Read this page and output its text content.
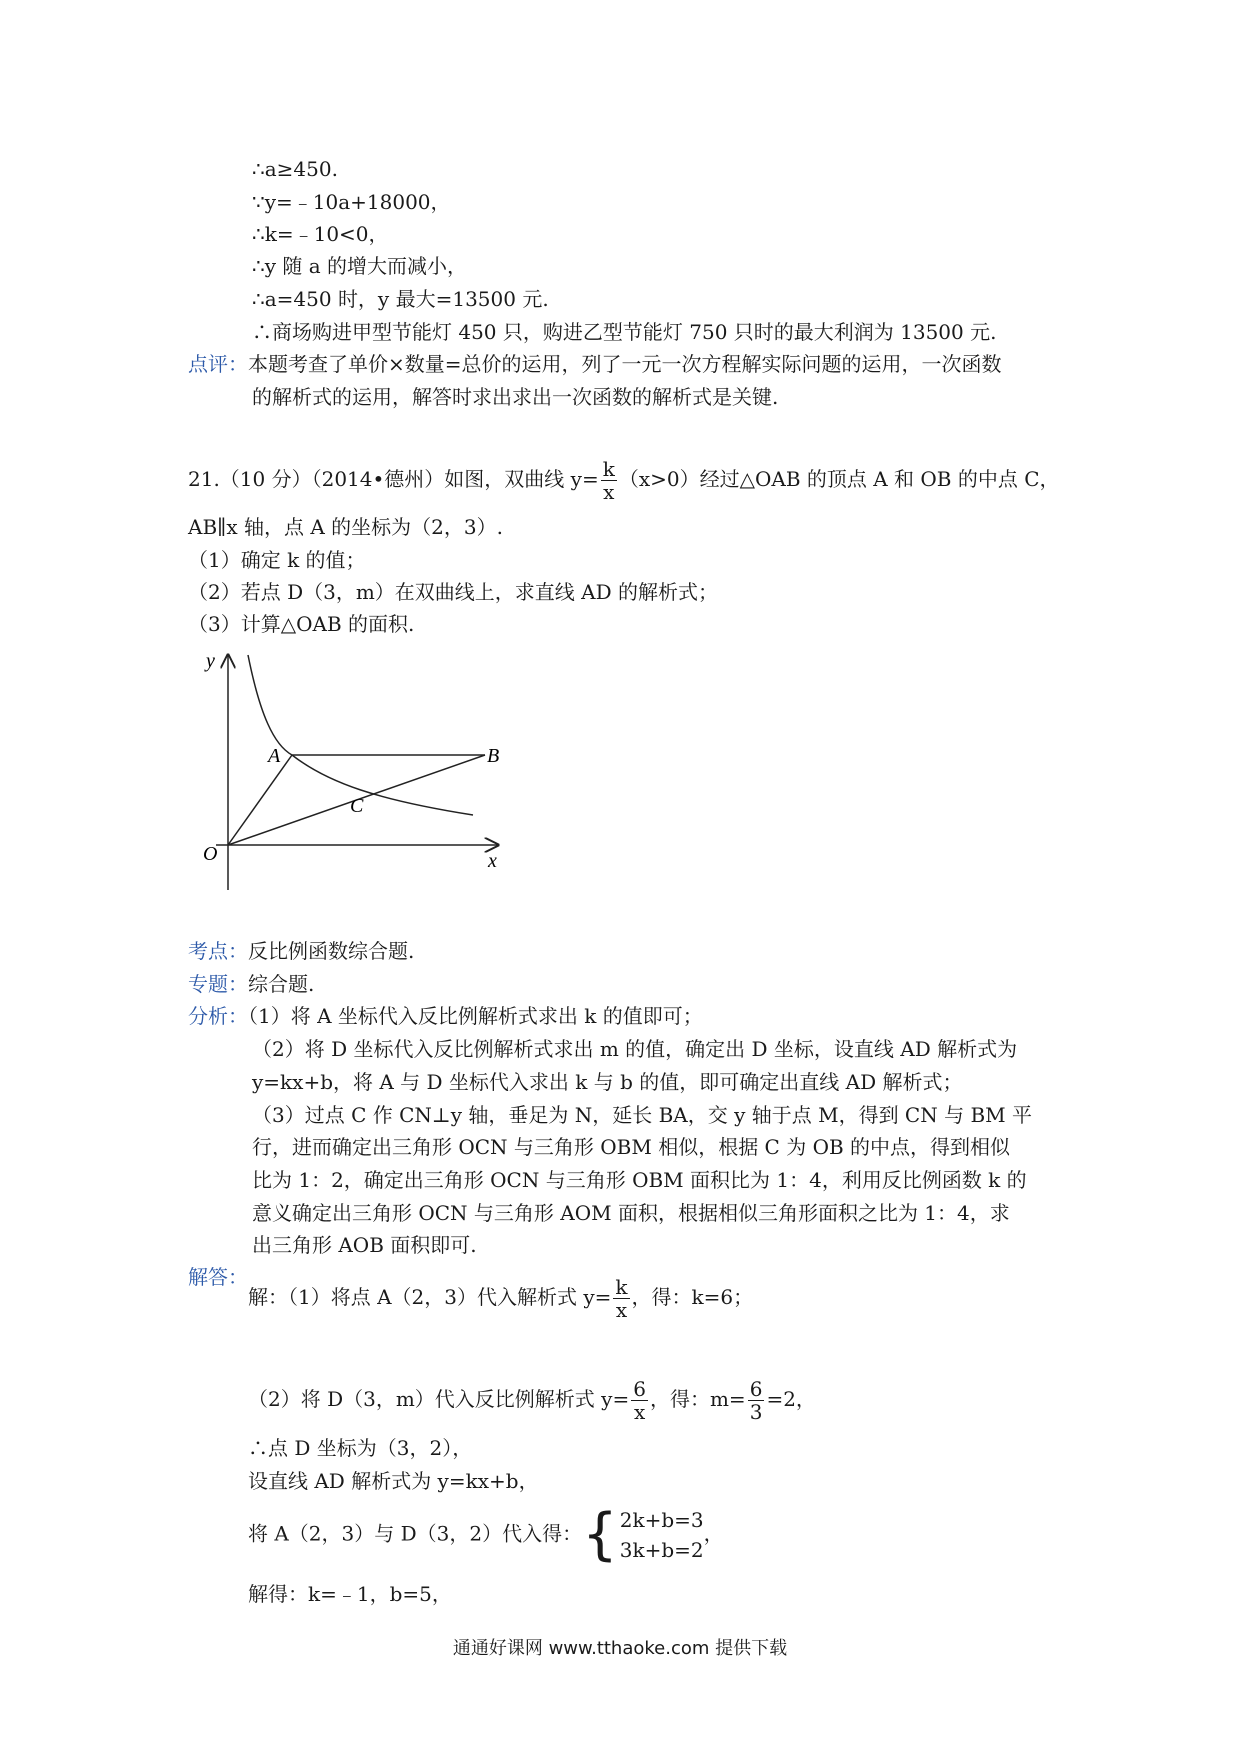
∴a≥450.
∵y=﹣10a+18000，
∴k=﹣10<0，
∴y 随 a 的增大而减小，
∴a=450 时，y 最大=13500 元.
∴商场购进甲型节能灯 450 只，购进乙型节能灯 750 只时的最大利润为 13500 元.
点评：本题考查了单价×数量=总价的运用，列了一元一次方程解实际问题的运用，一次函数
的解析式的运用，解答时求出求出一次函数的解析式是关键.
21.（10 分）（2014•德州）如图，双曲线 $y= \frac{k}{x} (x>0)$经过△OAB 的顶点 A 和 OB 的中点 C，
AB∥x 轴，点 A 的坐标为（2，3）.
（1）确定 k 的值；
（2）若点 D（3，m）在双曲线上，求直线 AD 的解析式；
（3）计算△OAB 的面积.
y
x
O
A	B
C
考点：反比例函数综合题.
专题：综合题.
分析：（1）将 A 坐标代入反比例解析式求出 k 的值即可；
（2）将 D 坐标代入反比例解析式求出 m 的值，确定出 D 坐标，设直线 AD 解析式为
y=kx+b，将 A 与 D 坐标代入求出 k 与 b 的值，即可确定出直线 AD 解析式；
（3）过点 C 作 CN⊥y 轴，垂足为 N，延长 BA，交 y 轴于点 M，得到 CN 与 BM 平
行，进而确定出三角形 OCN 与三角形 OBM 相似，根据 C 为 OB 的中点，得到相似
比为 1：2，确定出三角形 OCN 与三角形 OBM 面积比为 1：4，利用反比例函数 k 的
意义确定出三角形 OCN 与三角形 AOM 面积，根据相似三角形面积之比为 1：4，求
出三角形 AOB 面积即可.
解答：
解：（1）将点 A（2，3）代入解析式 $y= \frac{k}{x}$ ，得：k=6；
（2）将 D（3，m）代入反比例解析式 $y= \frac{6}{x}$ ，得：$m= \frac{6}{3} =2$，
∴点 D 坐标为（3，2），
设直线 AD 解析式为 y=kx+b，
将 A（2，3）与 D（3，2）代入得： { 2k+b=3
3k+b=2
，
解得：k=﹣1，b=5，
通通好课网 www.tthaoke.com 提供下载
